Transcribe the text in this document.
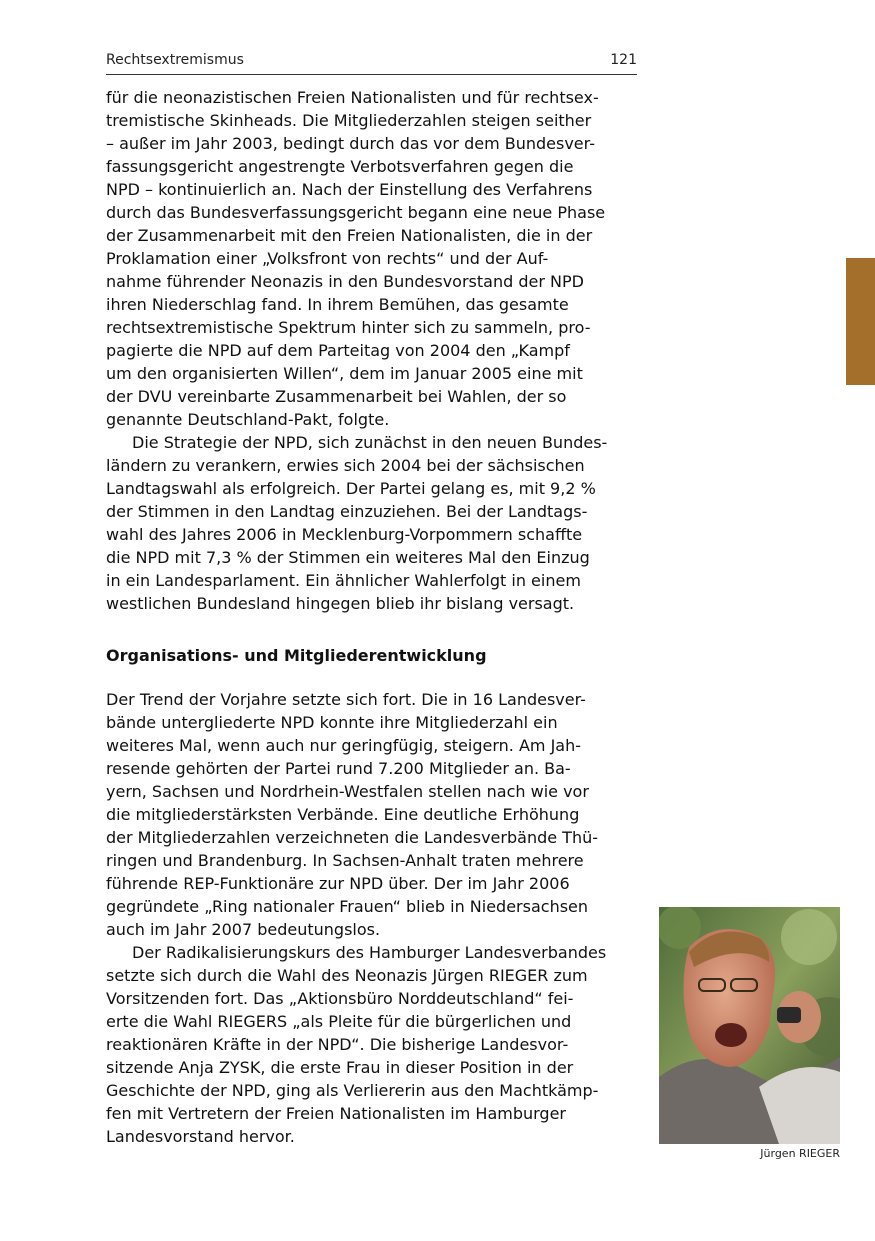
Rechtsextremismus	121

für die neonazistischen Freien Nationalisten und für rechtsex-
tremistische Skinheads. Die Mitgliederzahlen steigen seither
– außer im Jahr 2003, bedingt durch das vor dem Bundesver-
fassungsgericht angestrengte Verbotsverfahren gegen die
NPD – kontinuierlich an. Nach der Einstellung des Verfahrens
durch das Bundesverfassungsgericht begann eine neue Phase
der Zusammenarbeit mit den Freien Nationalisten, die in der
Proklamation einer „Volksfront von rechts“ und der Auf-
nahme führender Neonazis in den Bundesvorstand der NPD
ihren Niederschlag fand. In ihrem Bemühen, das gesamte
rechtsextremistische Spektrum hinter sich zu sammeln, pro-
pagierte die NPD auf dem Parteitag von 2004 den „Kampf
um den organisierten Willen“, dem im Januar 2005 eine mit
der DVU vereinbarte Zusammenarbeit bei Wahlen, der so
genannte Deutschland-Pakt, folgte.

Die Strategie der NPD, sich zunächst in den neuen Bundes-
ländern zu verankern, erwies sich 2004 bei der sächsischen
Landtagswahl als erfolgreich. Der Partei gelang es, mit 9,2 %
der Stimmen in den Landtag einzuziehen. Bei der Landtags-
wahl des Jahres 2006 in Mecklenburg-Vorpommern schaffte
die NPD mit 7,3 % der Stimmen ein weiteres Mal den Einzug
in ein Landesparlament. Ein ähnlicher Wahlerfolgt in einem
westlichen Bundesland hingegen blieb ihr bislang versagt.

Organisations- und Mitgliederentwicklung

Der Trend der Vorjahre setzte sich fort. Die in 16 Landesver-
bände untergliederte NPD konnte ihre Mitgliederzahl ein
weiteres Mal, wenn auch nur geringfügig, steigern. Am Jah-
resende gehörten der Partei rund 7.200 Mitglieder an. Ba-
yern, Sachsen und Nordrhein-Westfalen stellen nach wie vor
die mitgliederstärksten Verbände. Eine deutliche Erhöhung
der Mitgliederzahlen verzeichneten die Landesverbände Thü-
ringen und Brandenburg. In Sachsen-Anhalt traten mehrere
führende REP-Funktionäre zur NPD über. Der im Jahr 2006
gegründete „Ring nationaler Frauen“ blieb in Niedersachsen
auch im Jahr 2007 bedeutungslos.

Der Radikalisierungskurs des Hamburger Landesverbandes
setzte sich durch die Wahl des Neonazis Jürgen RIEGER zum
Vorsitzenden fort. Das „Aktionsbüro Norddeutschland“ fei-
erte die Wahl RIEGERS „als Pleite für die bürgerlichen und
reaktionären Kräfte in der NPD“. Die bisherige Landesvor-
sitzende Anja ZYSK, die erste Frau in dieser Position in der
Geschichte der NPD, ging als Verliererin aus den Machtkämp-
fen mit Vertretern der Freien Nationalisten im Hamburger
Landesvorstand hervor.

Jürgen RIEGER
